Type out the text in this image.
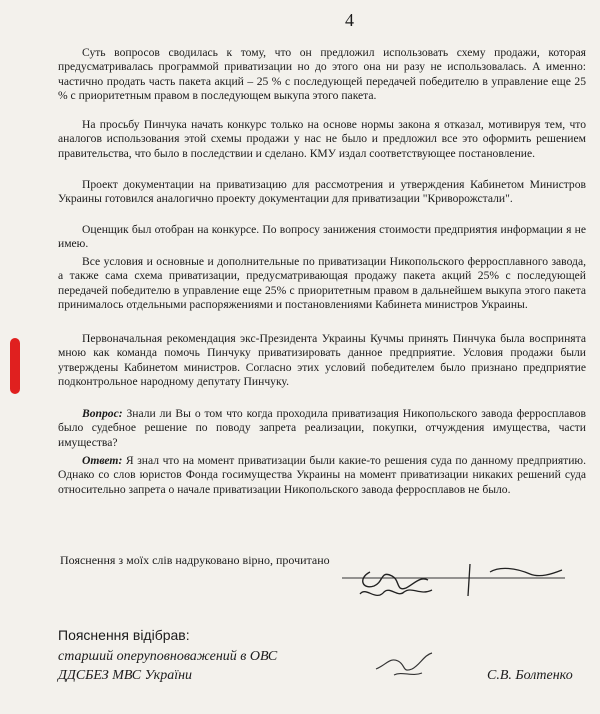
4

Суть вопросов сводилась к тому, что он предложил использовать схему продажи, которая предусматривалась программой приватизации но до этого она ни разу не использовалась. А именно: частично продать часть пакета акций – 25 % с последующей передачей победителю в управление еще 25 % с приоритетным правом в последующем выкупа этого пакета.

На просьбу Пинчука начать конкурс только на основе нормы закона я отказал, мотивируя тем, что аналогов использования этой схемы продажи у нас не было и предложил все это оформить решением правительства, что было в последствии и сделано. КМУ издал соответствующее постановление.

Проект документации на приватизацию для рассмотрения и утверждения Кабинетом Министров Украины готовился аналогично проекту документации для приватизации "Криворожстали".

Оценщик был отобран на конкурсе. По вопросу занижения стоимости предприятия информации я не имею.

Все условия и основные и дополнительные по приватизации Никопольского ферросплавного завода, а также сама схема приватизации, предусматривающая продажу пакета акций 25% с последующей передачей победителю в управление еще 25% с приоритетным правом в дальнейшем выкупа этого пакета принималось отдельными распоряжениями и постановлениями Кабинета министров Украины.

Первоначальная рекомендация экс-Президента Украины Кучмы принять Пинчука была воспринята мною как команда помочь Пинчуку приватизировать данное предприятие. Условия продажи были утверждены Кабинетом министров. Согласно этих условий победителем было признано предприятие подконтрольное народному депутату Пинчуку.

Вопрос: Знали ли Вы о том что когда проходила приватизация Никопольского завода ферросплавов было судебное решение по поводу запрета реализации, покупки, отчуждения имущества, части имущества?

Ответ: Я знал что на момент приватизации были какие-то решения суда по данному предприятию. Однако со слов юристов Фонда госимущества Украины на момент приватизации никаких решений суда относительно запрета о начале приватизации Никопольского завода ферросплавов не было.

Пояснення з моїх слів надруковано вірно, прочитано
Пояснення відібрав:
старший оперуповноважений в ОВС
ДДСБЕЗ МВС України	С.В. Болтенко
